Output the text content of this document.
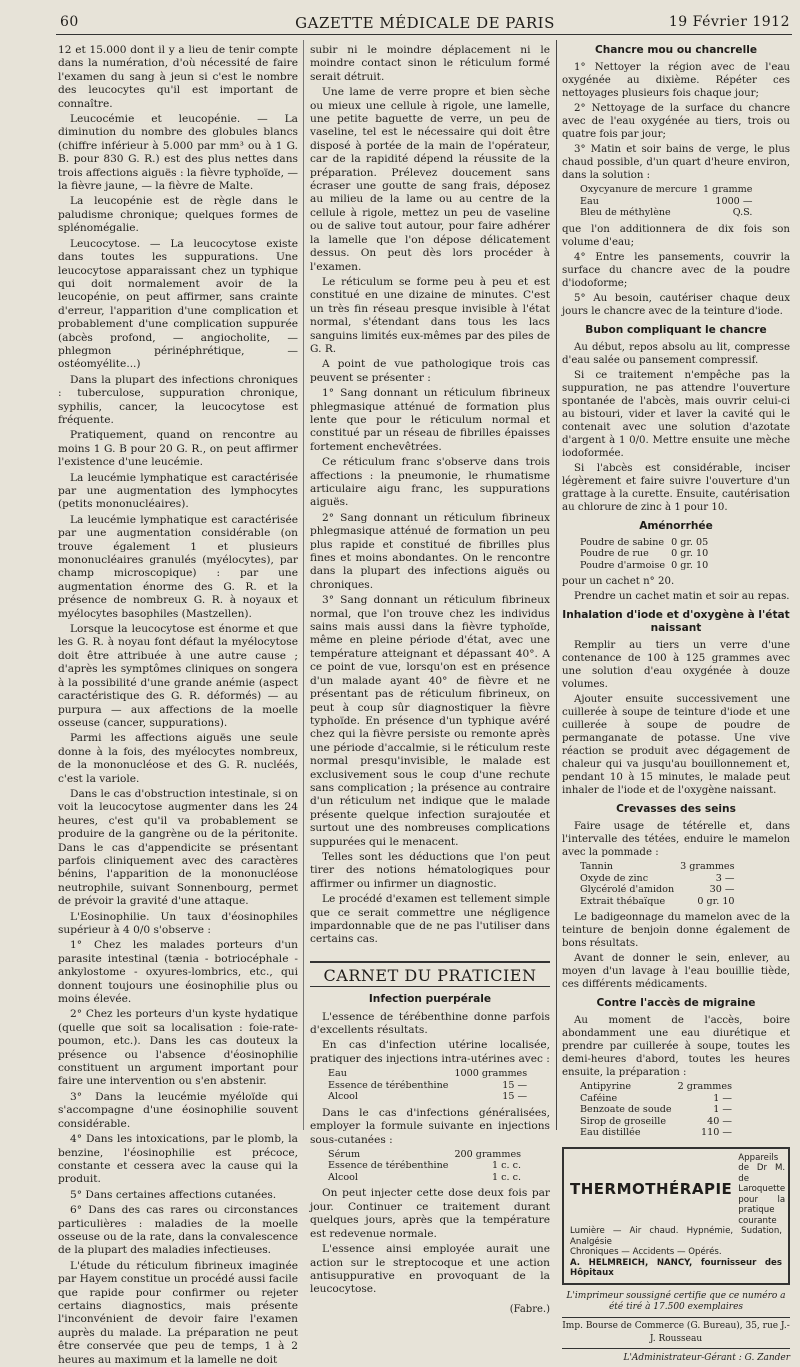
60	GAZETTE MÉDICALE DE PARIS	19 Février 1912

12 et 15.000 dont il y a lieu de tenir compte dans la numération, d'où nécessité de faire l'examen du sang à jeun si c'est le nombre des leucocytes qu'il est important de connaître.

Leucocémie et leucopénie. — La diminution du nombre des globules blancs (chiffre inférieur à 5.000 par mm³ ou à 1 G. B. pour 830 G. R.) est des plus nettes dans trois affections aiguës : la fièvre typhoïde, — la fièvre jaune, — la fièvre de Malte.

La leucopénie est de règle dans le paludisme chronique; quelques formes de splénomégalie.

Leucocytose. — La leucocytose existe dans toutes les suppurations. Une leucocytose apparaissant chez un typhique qui doit normalement avoir de la leucopénie, on peut affirmer, sans crainte d'erreur, l'apparition d'une complication et probablement d'une complication suppurée (abcès profond, — angiocholite, — phlegmon périnéphrétique, — ostéomyélite...)

Dans la plupart des infections chroniques : tuberculose, suppuration chronique, syphilis, cancer, la leucocytose est fréquente.

Pratiquement, quand on rencontre au moins 1 G. B pour 20 G. R., on peut affirmer l'existence d'une leucémie.

La leucémie lymphatique est caractérisée par une augmentation des lymphocytes (petits mononucléaires).

La leucémie lymphatique est caractérisée par une augmentation considérable (on trouve également 1 et plusieurs mononucléaires granulés (myélocytes), par champ microscopique) : par une augmentation énorme des G. R. et la présence de nombreux G. R. à noyaux et myélocytes basophiles (Mastzellen).

Lorsque la leucocytose est énorme et que les G. R. à noyau font défaut la myélocytose doit être attribuée à une autre cause ; d'après les symptômes cliniques on songera à la possibilité d'une grande anémie (aspect caractéristique des G. R. déformés) — au purpura — aux affections de la moelle osseuse (cancer, suppurations).

Parmi les affections aiguës une seule donne à la fois, des myélocytes nombreux, de la mononucléose et des G. R. nucléés, c'est la variole.

Dans le cas d'obstruction intestinale, si on voit la leucocytose augmenter dans les 24 heures, c'est qu'il va probablement se produire de la gangrène ou de la péritonite. Dans le cas d'appendicite se présentant parfois cliniquement avec des caractères bénins, l'apparition de la mononucléose neutrophile, suivant Sonnenbourg, permet de prévoir la gravité d'une attaque.

L'Eosinophilie. Un taux d'éosinophiles supérieur à 4 0/0 s'observe :

1° Chez les malades porteurs d'un parasite intestinal (tænia - botriocéphale - ankylostome - oxyures-lombrics, etc., qui donnent toujours une éosinophilie plus ou moins élevée.

2° Chez les porteurs d'un kyste hydatique (quelle que soit sa localisation : foie-rate-poumon, etc.). Dans les cas douteux la présence ou l'absence d'éosinophilie constituent un argument important pour faire une intervention ou s'en abstenir.

3° Dans la leucémie myéloïde qui s'accompagne d'une éosinophilie souvent considérable.

4° Dans les intoxications, par le plomb, la benzine, l'éosinophilie est précoce, constante et cessera avec la cause qui la produit.

5° Dans certaines affections cutanées.

6° Dans des cas rares ou circonstances particulières : maladies de la moelle osseuse ou de la rate, dans la convalescence de la plupart des maladies infectieuses.

L'étude du réticulum fibrineux imaginée par Hayem constitue un procédé aussi facile que rapide pour confirmer ou rejeter certains diagnostics, mais présente l'inconvénient de devoir faire l'examen auprès du malade. La préparation ne peut être conservée que peu de temps, 1 à 2 heures au maximum et la lamelle ne doit

subir ni le moindre déplacement ni le moindre contact sinon le réticulum formé serait détruit.

Une lame de verre propre et bien sèche ou mieux une cellule à rigole, une lamelle, une petite baguette de verre, un peu de vaseline, tel est le nécessaire qui doit être disposé à portée de la main de l'opérateur, car de la rapidité dépend la réussite de la préparation. Prélevez doucement sans écraser une goutte de sang frais, déposez au milieu de la lame ou au centre de la cellule à rigole, mettez un peu de vaseline ou de salive tout autour, pour faire adhérer la lamelle que l'on dépose délicatement dessus. On peut dès lors procéder à l'examen.

Le réticulum se forme peu à peu et est constitué en une dizaine de minutes. C'est un très fin réseau presque invisible à l'état normal, s'étendant dans tous les lacs sanguins limités eux-mêmes par des piles de G. R.

A point de vue pathologique trois cas peuvent se présenter :

1° Sang donnant un réticulum fibrineux phlegmasique atténué de formation plus lente que pour le réticulum normal et constitué par un réseau de fibrilles épaisses fortement enchevêtrées.

Ce réticulum franc s'observe dans trois affections : la pneumonie, le rhumatisme articulaire aigu franc, les suppurations aiguës.

2° Sang donnant un réticulum fibrineux phlegmasique atténué de formation un peu plus rapide et constitué de fibrilles plus fines et moins abondantes. On le rencontre dans la plupart des infections aiguës ou chroniques.

3° Sang donnant un réticulum fibrineux normal, que l'on trouve chez les individus sains mais aussi dans la fièvre typhoïde, même en pleine période d'état, avec une température atteignant et dépassant 40°. A ce point de vue, lorsqu'on est en présence d'un malade ayant 40° de fièvre et ne présentant pas de réticulum fibrineux, on peut à coup sûr diagnostiquer la fièvre typhoïde. En présence d'un typhique avéré chez qui la fièvre persiste ou remonte après une période d'accalmie, si le réticulum reste normal presqu'invisible, le malade est exclusivement sous le coup d'une rechute sans complication ; la présence au contraire d'un réticulum net indique que le malade présente quelque infection surajoutée et surtout une des nombreuses complications suppurées qui le menacent.

Telles sont les déductions que l'on peut tirer des notions hématologiques pour affirmer ou infirmer un diagnostic.

Le procédé d'examen est tellement simple que ce serait commettre une négligence impardonnable que de ne pas l'utiliser dans certains cas.

CARNET DU PRATICIEN
Infection puerpérale

L'essence de térébenthine donne parfois d'excellents résultats.

En cas d'infection utérine localisée, pratiquer des injections intra-utérines avec :

Eau	1000 grammes
Essence de térébenthine	15 —
Alcool	15 —

Dans le cas d'infections généralisées, employer la formule suivante en injections sous-cutanées :

Sérum	200 grammes
Essence de térébenthine	1 c. c.
Alcool	1 c. c.

On peut injecter cette dose deux fois par jour. Continuer ce traitement durant quelques jours, après que la température est redevenue normale.

L'essence ainsi employée aurait une action sur le streptocoque et une action antisuppurative en provoquant de la leucocytose.

(Fabre.)
Chancre mou ou chancrelle

1° Nettoyer la région avec de l'eau oxygénée au dixième. Répéter ces nettoyages plusieurs fois chaque jour;

2° Nettoyage de la surface du chancre avec de l'eau oxygénée au tiers, trois ou quatre fois par jour;

3° Matin et soir bains de verge, le plus chaud possible, d'un quart d'heure environ, dans la solution :

Oxycyanure de mercure	1 gramme
Eau	1000 —
Bleu de méthylène	Q.S.

que l'on additionnera de dix fois son volume d'eau;

4° Entre les pansements, couvrir la surface du chancre avec de la poudre d'iodoforme;

5° Au besoin, cautériser chaque deux jours le chancre avec de la teinture d'iode.

Bubon compliquant le chancre

Au début, repos absolu au lit, compresse d'eau salée ou pansement compressif.

Si ce traitement n'empêche pas la suppuration, ne pas attendre l'ouverture spontanée de l'abcès, mais ouvrir celui-ci au bistouri, vider et laver la cavité qui le contenait avec une solution d'azotate d'argent à 1 0/0. Mettre ensuite une mèche iodoformée.

Si l'abcès est considérable, inciser légèrement et faire suivre l'ouverture d'un grattage à la curette. Ensuite, cautérisation au chlorure de zinc à 1 pour 10.

Aménorrhée
Poudre de sabine	0 gr. 05
Poudre de rue	0 gr. 10
Poudre d'armoise	0 gr. 10

pour un cachet n° 20.

Prendre un cachet matin et soir au repas.

Inhalation d'iode et d'oxygène à l'état naissant

Remplir au tiers un verre d'une contenance de 100 à 125 grammes avec une solution d'eau oxygénée à douze volumes.

Ajouter ensuite successivement une cuillerée à soupe de teinture d'iode et une cuillerée à soupe de poudre de permanganate de potasse. Une vive réaction se produit avec dégagement de chaleur qui va jusqu'au bouillonnement et, pendant 10 à 15 minutes, le malade peut inhaler de l'iode et de l'oxygène naissant.

Crevasses des seins

Faire usage de tétérelle et, dans l'intervalle des tétées, enduire le mamelon avec la pommade :

Tannin	3 grammes
Oxyde de zinc	3 —
Glycérolé d'amidon	30 —
Extrait thébaïque	0 gr. 10

Le badigeonnage du mamelon avec de la teinture de benjoin donne également de bons résultats.

Avant de donner le sein, enlever, au moyen d'un lavage à l'eau bouillie tiède, ces différents médicaments.

Contre l'accès de migraine

Au moment de l'accès, boire abondamment une eau diurétique et prendre par cuillerée à soupe, toutes les demi-heures d'abord, toutes les heures ensuite, la préparation :

Antipyrine	2 grammes
Caféine	1 —
Benzoate de soude	1 —
Sirop de groseille	40 —
Eau distillée	110 —
THERMOTHÉRAPIE
Appareils de Dr M. de Laroquette pour la pratique courante
Lumière — Air chaud. Hypnémie, Sudation, Analgésie
Chroniques — Accidents — Opérés.
A. HELMREICH, NANCY, fournisseur des Hôpitaux
L'imprimeur soussigné certifie que ce numéro a été tiré à 17.500 exemplaires
Imp. Bourse de Commerce (G. Bureau), 35, rue J.-J. Rousseau
L'Administrateur-Gérant : G. Zander
